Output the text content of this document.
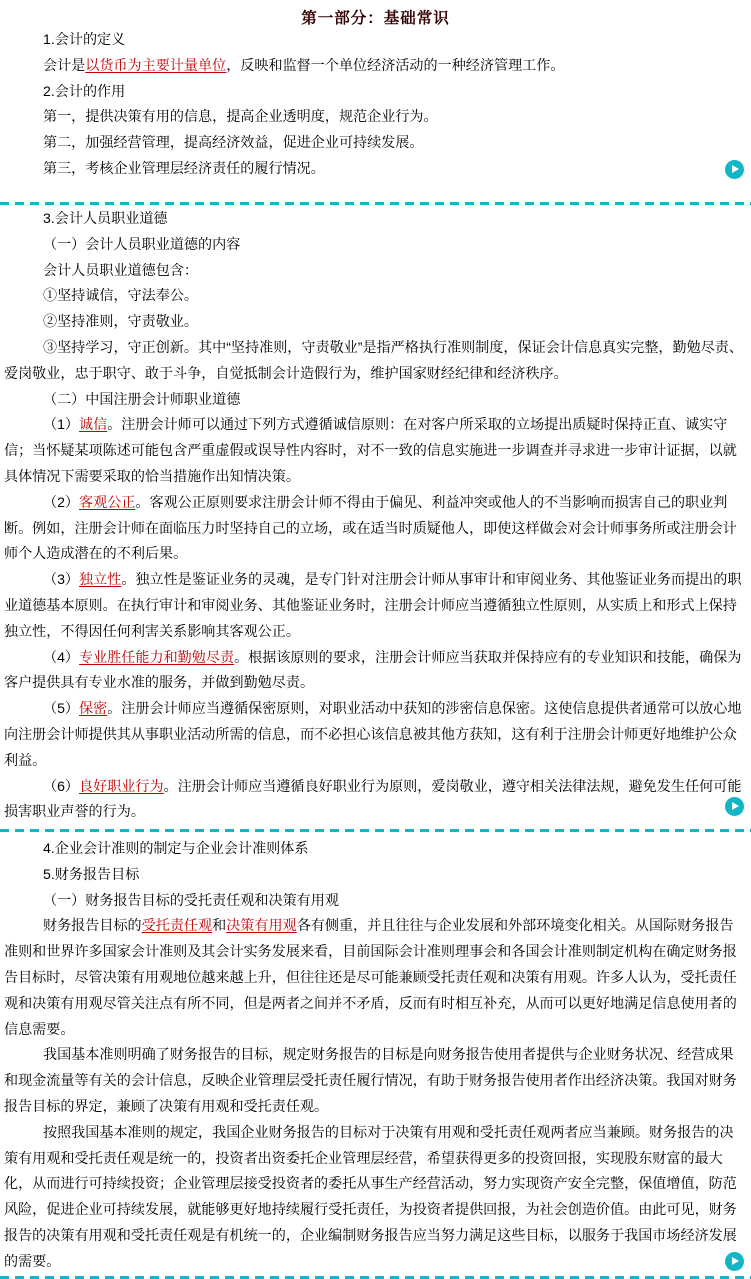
第一部分：基础常识

1.会计的定义

会计是以货币为主要计量单位，反映和监督一个单位经济活动的一种经济管理工作。

2.会计的作用

第一，提供决策有用的信息，提高企业透明度，规范企业行为。

第二，加强经营管理，提高经济效益，促进企业可持续发展。

第三，考核企业管理层经济责任的履行情况。

3.会计人员职业道德

（一）会计人员职业道德的内容

会计人员职业道德包含：

①坚持诚信，守法奉公。

②坚持准则，守责敬业。

③坚持学习，守正创新。其中“坚持准则，守责敬业”是指严格执行准则制度，保证会计信息真实完整，勤勉尽责、爱岗敬业，忠于职守、敢于斗争，自觉抵制会计造假行为，维护国家财经纪律和经济秩序。

（二）中国注册会计师职业道德

（1）诚信。注册会计师可以通过下列方式遵循诚信原则：在对客户所采取的立场提出质疑时保持正直、诚实守信；当怀疑某项陈述可能包含严重虚假或误导性内容时，对不一致的信息实施进一步调查并寻求进一步审计证据，以就具体情况下需要采取的恰当措施作出知情决策。

（2）客观公正。客观公正原则要求注册会计师不得由于偏见、利益冲突或他人的不当影响而损害自己的职业判断。例如，注册会计师在面临压力时坚持自己的立场，或在适当时质疑他人，即使这样做会对会计师事务所或注册会计师个人造成潜在的不利后果。

（3）独立性。独立性是鉴证业务的灵魂，是专门针对注册会计师从事审计和审阅业务、其他鉴证业务而提出的职业道德基本原则。在执行审计和审阅业务、其他鉴证业务时，注册会计师应当遵循独立性原则，从实质上和形式上保持独立性，不得因任何利害关系影响其客观公正。

（4）专业胜任能力和勤勉尽责。根据该原则的要求，注册会计师应当获取并保持应有的专业知识和技能，确保为客户提供具有专业水准的服务，并做到勤勉尽责。

（5）保密。注册会计师应当遵循保密原则，对职业活动中获知的涉密信息保密。这使信息提供者通常可以放心地向注册会计师提供其从事职业活动所需的信息，而不必担心该信息被其他方获知，这有利于注册会计师更好地维护公众利益。

（6）良好职业行为。注册会计师应当遵循良好职业行为原则，爱岗敬业，遵守相关法律法规，避免发生任何可能损害职业声誉的行为。

4.企业会计准则的制定与企业会计准则体系

5.财务报告目标

（一）财务报告目标的受托责任观和决策有用观

财务报告目标的受托责任观和决策有用观各有侧重，并且往往与企业发展和外部环境变化相关。从国际财务报告准则和世界许多国家会计准则及其会计实务发展来看，目前国际会计准则理事会和各国会计准则制定机构在确定财务报告目标时，尽管决策有用观地位越来越上升，但往往还是尽可能兼顾受托责任观和决策有用观。许多人认为，受托责任观和决策有用观尽管关注点有所不同，但是两者之间并不矛盾，反而有时相互补充，从而可以更好地满足信息使用者的信息需要。

我国基本准则明确了财务报告的目标，规定财务报告的目标是向财务报告使用者提供与企业财务状况、经营成果和现金流量等有关的会计信息，反映企业管理层受托责任履行情况，有助于财务报告使用者作出经济决策。我国对财务报告目标的界定，兼顾了决策有用观和受托责任观。

按照我国基本准则的规定，我国企业财务报告的目标对于决策有用观和受托责任观两者应当兼顾。财务报告的决策有用观和受托责任观是统一的，投资者出资委托企业管理层经营，希望获得更多的投资回报，实现股东财富的最大化，从而进行可持续投资；企业管理层接受投资者的委托从事生产经营活动，努力实现资产安全完整，保值增值，防范风险，促进企业可持续发展，就能够更好地持续履行受托责任，为投资者提供回报，为社会创造价值。由此可见，财务报告的决策有用观和受托责任观是有机统一的，企业编制财务报告应当努力满足这些目标，以服务于我国市场经济发展的需要。
